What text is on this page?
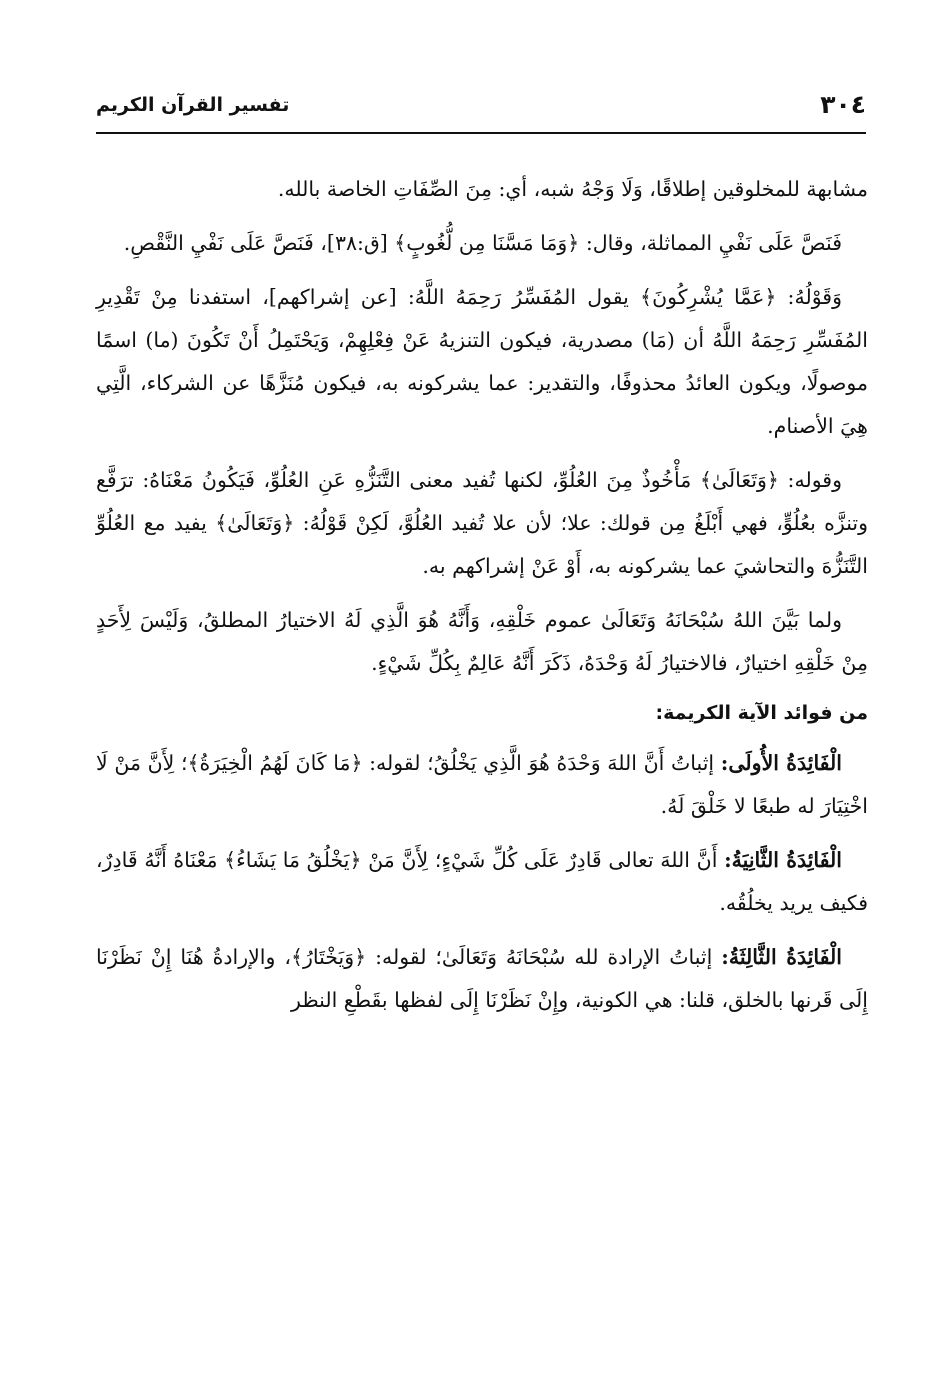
٣٠٤
تفسير القرآن الكريم

مشابهة للمخلوقين إطلاقًا، وَلَا وَجْهُ شبه، أي: مِنَ الصِّفَاتِ الخاصة بالله.

فَنَصَّ عَلَى نَفْيِ المماثلة، وقال: ﴿وَمَا مَسَّنَا مِن لُّغُوبٍ﴾ [ق:٣٨]، فَنَصَّ عَلَى نَفْيِ النَّقْصِ.

وَقَوْلُهُ: ﴿عَمَّا يُشْرِكُونَ﴾ يقول المُفَسِّرُ رَحِمَهُ اللَّهُ: [عن إشراكهم]، استفدنا مِنْ تَقْدِيرِ المُفَسِّرِ رَحِمَهُ اللَّهُ أن (مَا) مصدرية، فيكون التنزيهُ عَنْ فِعْلِهِمْ، وَيَحْتَمِلُ أَنْ تَكُونَ (ما) اسمًا موصولًا، ويكون العائدُ محذوفًا، والتقدير: عما يشركونه به، فيكون مُنَزَّهًا عن الشركاء، الَّتِي هِيَ الأصنام.

وقوله: ﴿وَتَعَالَىٰ﴾ مَأْخُوذٌ مِنَ العُلُوِّ، لكنها تُفيد معنى التَّنَزُّهِ عَنِ العُلُوِّ، فَيَكُونُ مَعْنَاهُ: ترَفَّع وتنزَّه بعُلُوٍّ، فهي أَبْلَغُ مِن قولك: علا؛ لأن علا تُفيد العُلُوَّ، لَكِنْ قَوْلُهُ: ﴿وَتَعَالَىٰ﴾ يفيد مع العُلُوِّ التَّنَزُّهَ والتحاشيَ عما يشركونه به، أَوْ عَنْ إشراكهم به.

ولما بَيَّنَ اللهُ سُبْحَانَهُ وَتَعَالَىٰ عموم خَلْقِهِ، وَأَنَّهُ هُوَ الَّذِي لَهُ الاختيارُ المطلقُ، وَلَيْسَ لِأَحَدٍ مِنْ خَلْقِهِ اختيارٌ، فالاختيارُ لَهُ وَحْدَهُ، ذَكَرَ أَنَّهُ عَالِمٌ بِكُلِّ شَيْءٍ.

من فوائد الآية الكريمة:

الْفَائِدَةُ الأُولَى: إثباتُ أَنَّ اللهَ وَحْدَهُ هُوَ الَّذِي يَخْلُقُ؛ لقوله: ﴿مَا كَانَ لَهُمُ الْخِيَرَةُ﴾؛ لِأَنَّ مَنْ لَا اخْتِيَارَ له طبعًا لا خَلْقَ لَهُ.

الْفَائِدَةُ الثَّانِيَةُ: أَنَّ اللهَ تعالى قَادِرٌ عَلَى كُلِّ شَيْءٍ؛ لِأَنَّ مَنْ ﴿يَخْلُقُ مَا يَشَاءُ﴾ مَعْنَاهُ أَنَّهُ قَادِرٌ، فكيف يريد يخلُقُه.

الْفَائِدَةُ الثَّالِثَةُ: إثباتُ الإرادة لله سُبْحَانَهُ وَتَعَالَىٰ؛ لقوله: ﴿وَيَخْتَارُ﴾، والإرادةُ هُنَا إِنْ نَظَرْنَا إِلَى قَرنها بالخلق، قلنا: هي الكونية، وإِنْ نَظَرْنَا إِلَى لفظها بقَطْعِ النظر
